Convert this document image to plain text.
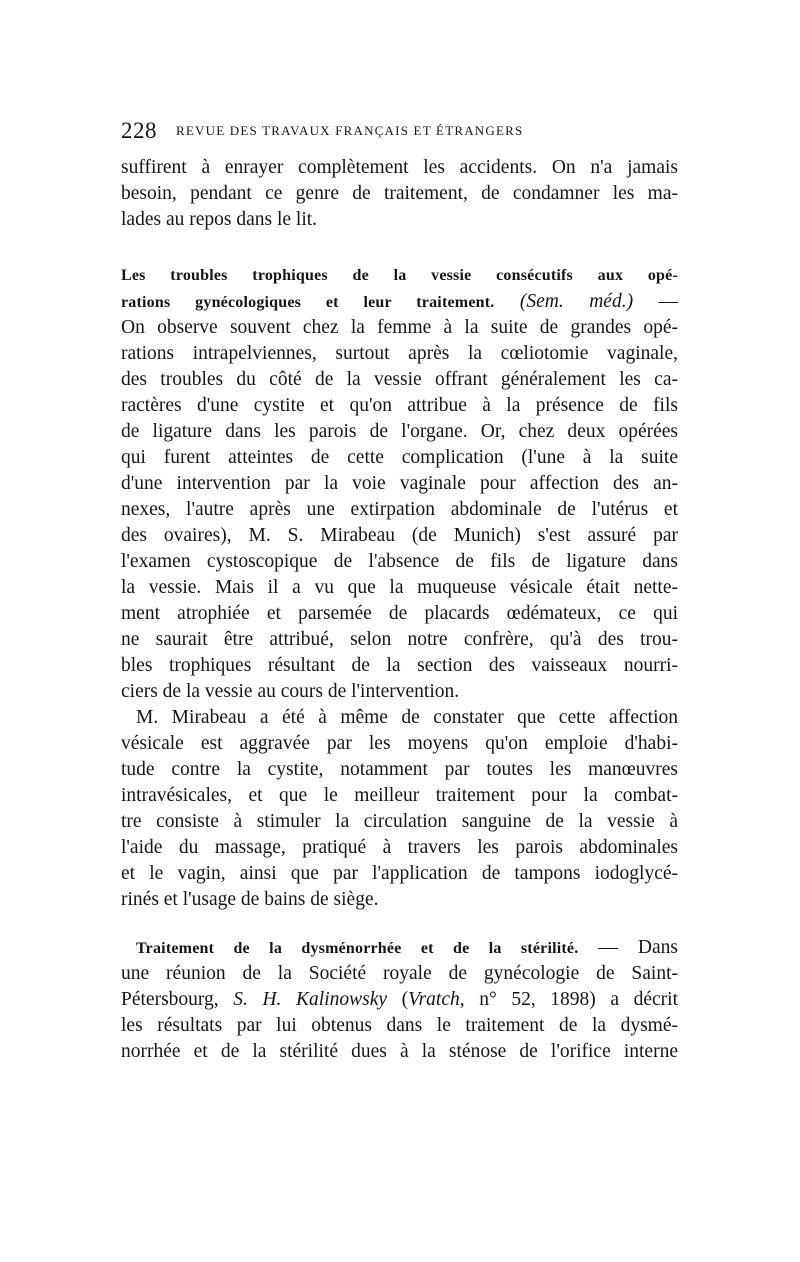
228 REVUE DES TRAVAUX FRANÇAIS ET ÉTRANGERS
suffirent à enrayer complètement les accidents. On n'a jamais
besoin, pendant ce genre de traitement, de condamner les ma-
lades au repos dans le lit.
Les troubles trophiques de la vessie consécutifs aux opé-
rations gynécologiques et leur traitement. (Sem. méd.) —
On observe souvent chez la femme à la suite de grandes opé-
rations intrapelviennes, surtout après la cœliotomie vaginale,
des troubles du côté de la vessie offrant généralement les ca-
ractères d'une cystite et qu'on attribue à la présence de fils
de ligature dans les parois de l'organe. Or, chez deux opérées
qui furent atteintes de cette complication (l'une à la suite
d'une intervention par la voie vaginale pour affection des an-
nexes, l'autre après une extirpation abdominale de l'utérus et
des ovaires), M. S. Mirabeau (de Munich) s'est assuré par
l'examen cystoscopique de l'absence de fils de ligature dans
la vessie. Mais il a vu que la muqueuse vésicale était nette-
ment atrophiée et parsemée de placards œdémateux, ce qui
ne saurait être attribué, selon notre confrère, qu'à des trou-
bles trophiques résultant de la section des vaisseaux nourri-
ciers de la vessie au cours de l'intervention.
M. Mirabeau a été à même de constater que cette affection
vésicale est aggravée par les moyens qu'on emploie d'habi-
tude contre la cystite, notamment par toutes les manœuvres
intravésicales, et que le meilleur traitement pour la combat-
tre consiste à stimuler la circulation sanguine de la vessie à
l'aide du massage, pratiqué à travers les parois abdominales
et le vagin, ainsi que par l'application de tampons iodoglycé-
rinés et l'usage de bains de siège.
Traitement de la dysménorrhée et de la stérilité. — Dans
une réunion de la Société royale de gynécologie de Saint-
Pétersbourg, S. H. Kalinowsky (Vratch, n° 52, 1898) a décrit
les résultats par lui obtenus dans le traitement de la dysmé-
norrhée et de la stérilité dues à la sténose de l'orifice interne
